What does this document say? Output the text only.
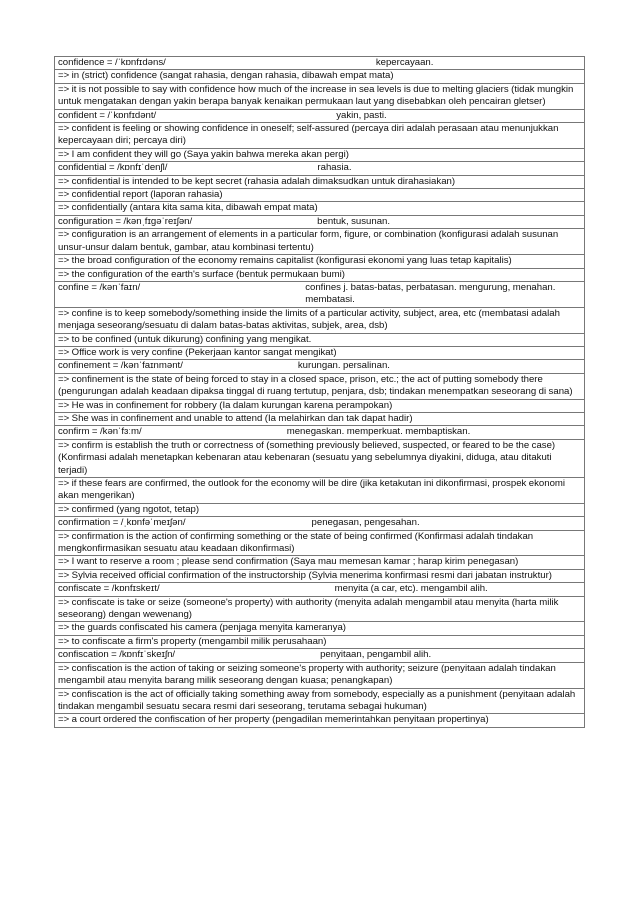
confidence = /ˈkɒnfɪdəns/	kepercayaan.
=> in (strict) confidence (sangat rahasia, dengan rahasia, dibawah empat mata)
=> it is not possible to say with confidence how much of the increase in sea levels is due to melting glaciers (tidak mungkin untuk mengatakan dengan yakin berapa banyak kenaikan permukaan laut yang disebabkan oleh pencairan gletser)
confident = /ˈkɒnfɪdənt/	yakin, pasti.
=> confident is feeling or showing confidence in oneself; self-assured (percaya diri adalah perasaan atau menunjukkan kepercayaan diri; percaya diri)
=> I am confident they will go (Saya yakin bahwa mereka akan pergi)
confidential = /kɒnfɪˈdenʃl/	rahasia.
=> confidential is intended to be kept secret (rahasia adalah dimaksudkan untuk dirahasiakan)
=> confidential report (laporan rahasia)
=> confidentially (antara kita sama kita, dibawah empat mata)
configuration = /kənˌfɪɡəˈreɪʃən/	bentuk, susunan.
=> configuration is an arrangement of elements in a particular form, figure, or combination (konfigurasi adalah susunan unsur-unsur dalam bentuk, gambar, atau kombinasi tertentu)
=> the broad configuration of the economy remains capitalist (konfigurasi ekonomi yang luas tetap kapitalis)
=> the configuration of the earth's surface (bentuk permukaan bumi)
confine = /kənˈfaɪn/	confines j. batas-batas, perbatasan. mengurung, menahan. membatasi.
=> confine is to keep somebody/something inside the limits of a particular activity, subject, area, etc (membatasi adalah menjaga seseorang/sesuatu di dalam batas-batas aktivitas, subjek, area, dsb)
=> to be confined (untuk dikurung) confining yang mengikat.
=> Office work is very confine (Pekerjaan kantor sangat mengikat)
confinement = /kənˈfaɪnmənt/	kurungan. persalinan.
=> confinement is the state of being forced to stay in a closed space, prison, etc.; the act of putting somebody there (pengurungan adalah keadaan dipaksa tinggal di ruang tertutup, penjara, dsb; tindakan menempatkan seseorang di sana)
=> He was in confinement for robbery (Ia dalam kurungan karena perampokan)
=> She was in confinement and unable to attend (Ia melahirkan dan tak dapat hadir)
confirm = /kənˈfɜːm/	menegaskan. memperkuat. membaptiskan.
=> confirm is establish the truth or correctness of (something previously believed, suspected, or feared to be the case) (Konfirmasi adalah menetapkan kebenaran atau kebenaran (sesuatu yang sebelumnya diyakini, diduga, atau ditakuti terjadi)
=> if these fears are confirmed, the outlook for the economy will be dire (jika ketakutan ini dikonfirmasi, prospek ekonomi akan mengerikan)
=> confirmed (yang ngotot, tetap)
confirmation = /ˌkɒnfəˈmeɪʃən/	penegasan, pengesahan.
=> confirmation is the action of confirming something or the state of being confirmed (Konfirmasi adalah tindakan mengkonfirmasikan sesuatu atau keadaan dikonfirmasi)
=> I want to reserve a room ; please send confirmation (Saya mau memesan kamar ; harap kirim penegasan)
=> Sylvia received official confirmation of the instructorship (Sylvia menerima konfirmasi resmi dari jabatan instruktur)
confiscate = /kɒnfɪskeɪt/	menyita (a car, etc). mengambil alih.
=> confiscate is take or seize (someone's property) with authority (menyita adalah mengambil atau menyita (harta milik seseorang) dengan wewenang)
=> the guards confiscated his camera (penjaga menyita kameranya)
=> to confiscate a firm's property (mengambil milik perusahaan)
confiscation = /kɒnfɪˈskeɪʃn/	penyitaan, pengambil alih.
=> confiscation is the action of taking or seizing someone's property with authority; seizure (penyitaan adalah tindakan mengambil atau menyita barang milik seseorang dengan kuasa; penangkapan)
=> confiscation is the act of officially taking something away from somebody, especially as a punishment (penyitaan adalah tindakan mengambil sesuatu secara resmi dari seseorang, terutama sebagai hukuman)
=> a court ordered the confiscation of her property (pengadilan memerintahkan penyitaan propertinya)
